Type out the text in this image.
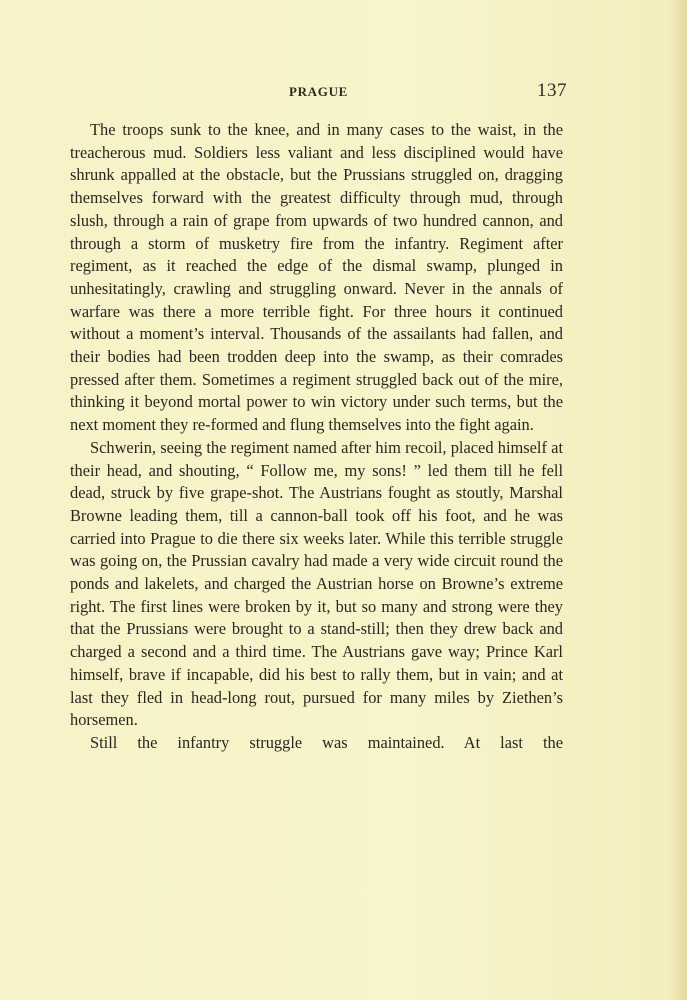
PRAGUE	137

The troops sunk to the knee, and in many cases to the waist, in the treacherous mud. Soldiers less valiant and less disciplined would have shrunk appalled at the obstacle, but the Prussians struggled on, dragging themselves forward with the greatest difficulty through mud, through slush, through a rain of grape from upwards of two hundred cannon, and through a storm of musketry fire from the infantry. Regiment after regiment, as it reached the edge of the dismal swamp, plunged in unhesitatingly, crawling and struggling onward. Never in the annals of warfare was there a more terrible fight. For three hours it continued without a moment’s interval. Thousands of the assailants had fallen, and their bodies had been trodden deep into the swamp, as their comrades pressed after them. Sometimes a regiment struggled back out of the mire, thinking it beyond mortal power to win victory under such terms, but the next moment they re-formed and flung themselves into the fight again.

Schwerin, seeing the regiment named after him recoil, placed himself at their head, and shouting, “ Follow me, my sons! ” led them till he fell dead, struck by five grape-shot. The Austrians fought as stoutly, Marshal Browne leading them, till a cannon-ball took off his foot, and he was carried into Prague to die there six weeks later. While this terrible struggle was going on, the Prussian cavalry had made a very wide circuit round the ponds and lakelets, and charged the Austrian horse on Browne’s extreme right. The first lines were broken by it, but so many and strong were they that the Prussians were brought to a stand-still; then they drew back and charged a second and a third time. The Austrians gave way; Prince Karl himself, brave if incapable, did his best to rally them, but in vain; and at last they fled in head-long rout, pursued for many miles by Ziethen’s horsemen.

Still the infantry struggle was maintained. At last the
